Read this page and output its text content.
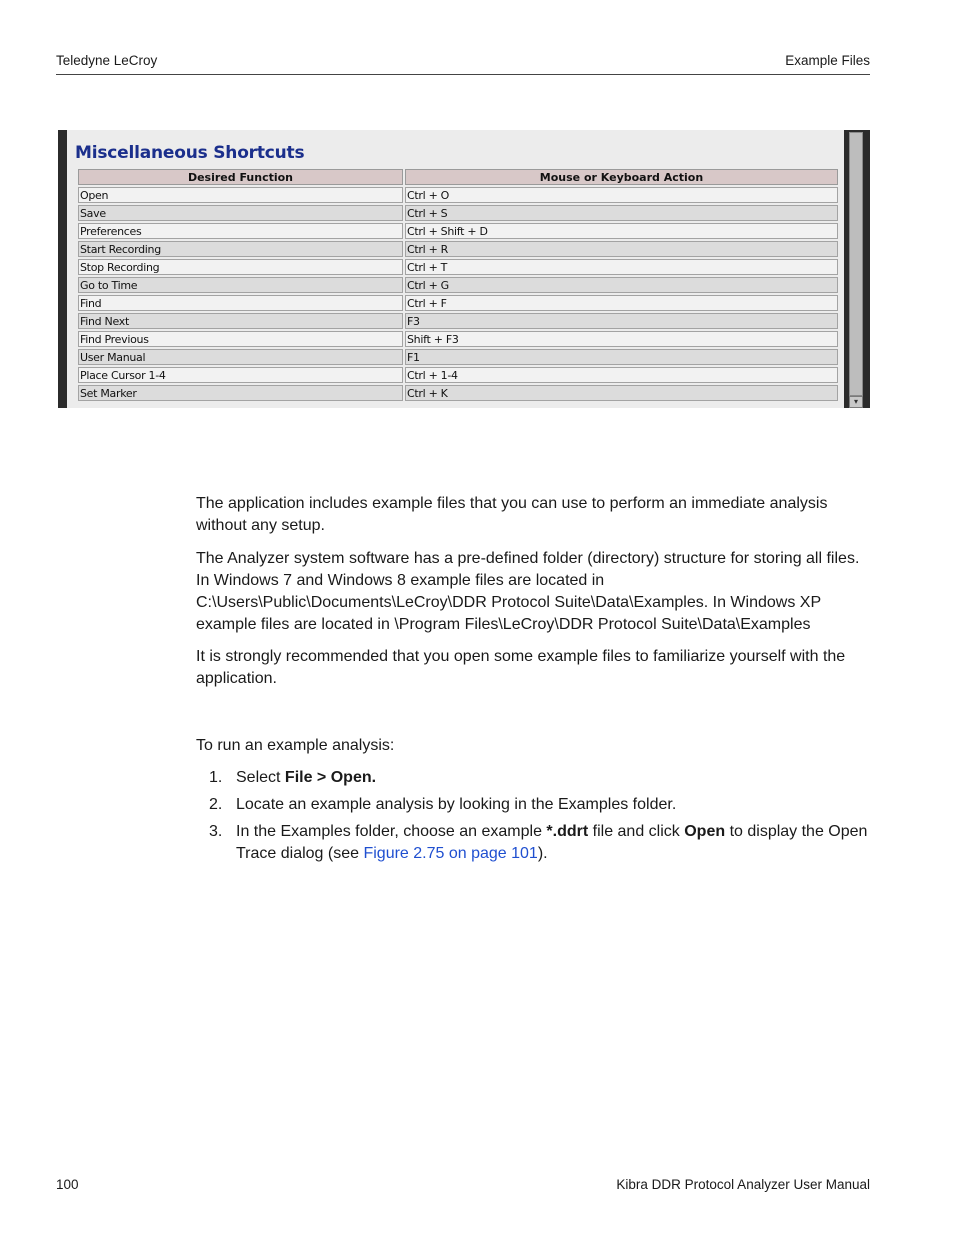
Teledyne LeCroy	Example Files
Miscellaneous Shortcuts
Desired Function	Mouse or Keyboard Action
Open	Ctrl + O
Save	Ctrl + S
Preferences	Ctrl + Shift + D
Start Recording	Ctrl + R
Stop Recording	Ctrl + T
Go to Time	Ctrl + G
Find	Ctrl + F
Find Next	F3
Find Previous	Shift + F3
User Manual	F1
Place Cursor 1-4	Ctrl + 1-4
Set Marker	Ctrl + K
▾

The application includes example files that you can use to perform an immediate analysis without any setup.

The Analyzer system software has a pre-defined folder (directory) structure for storing all files. In Windows 7 and Windows 8 example files are located in C:\Users\Public\Documents\LeCroy\DDR Protocol Suite\Data\Examples. In Windows XP example files are located in \Program Files\LeCroy\DDR Protocol Suite\Data\Examples

It is strongly recommended that you open some example files to familiarize yourself with the application.

To run an example analysis:

1. Select File > Open.
2. Locate an example analysis by looking in the Examples folder.
3. In the Examples folder, choose an example *.ddrt file and click Open to display the Open Trace dialog (see Figure 2.75 on page 101).
100	Kibra DDR Protocol Analyzer User Manual
